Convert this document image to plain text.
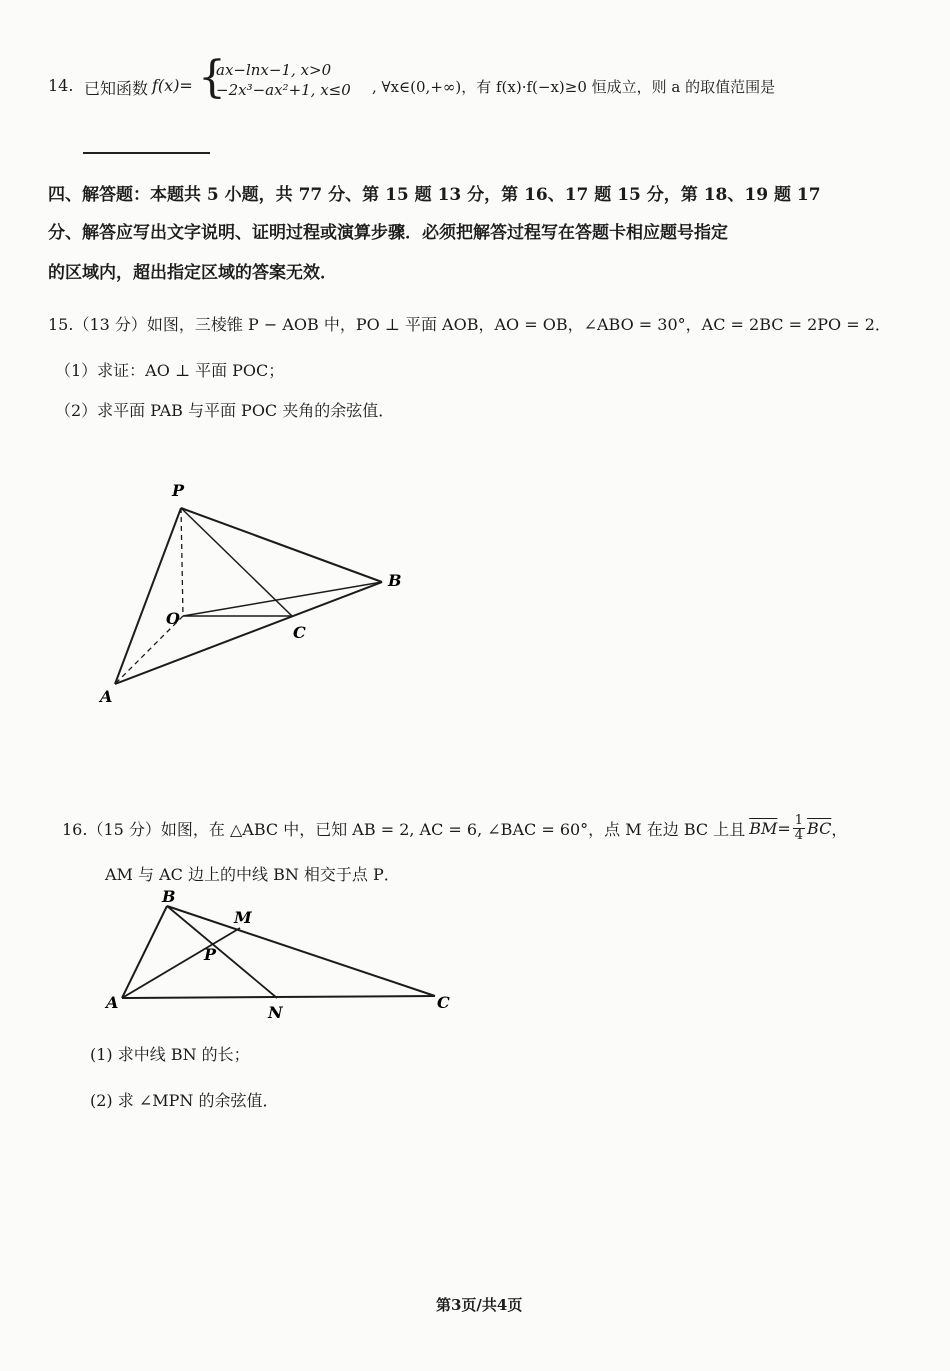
14. 已知函数 f(x)= {
ax−lnx−1, x>0
−2x³−ax²+1, x≤0 , ∀x∈(0,+∞)，有 f(x)·f(−x)≥0 恒成立，则 a 的取值范围是
四、解答题：本题共 5 小题，共 77 分、第 15 题 13 分，第 16、17 题 15 分，第 18、19 题 17
分、解答应写出文字说明、证明过程或演算步骤．必须把解答过程写在答题卡相应题号指定
的区域内，超出指定区域的答案无效．
15.（13 分）如图，三棱锥 P − AOB 中，PO ⊥ 平面 AOB，AO = OB，∠ABO = 30°，AC = 2BC = 2PO = 2．
（1）求证：AO ⊥ 平面 POC；
（2）求平面 PAB 与平面 POC 夹角的余弦值．
P
O
B
C
A
16.（15 分）如图，在 △ABC 中，已知 AB = 2, AC = 6, ∠BAC = 60°，点 M 在边 BC 上且 $\overline{BM} = \frac{1}{4} \overline{BC}$ ，
AM 与 AC 边上的中线 BN 相交于点 P．
B
M
P
A
N
C
(1) 求中线 BN 的长；
(2) 求 ∠MPN 的余弦值．
第3页/共4页
